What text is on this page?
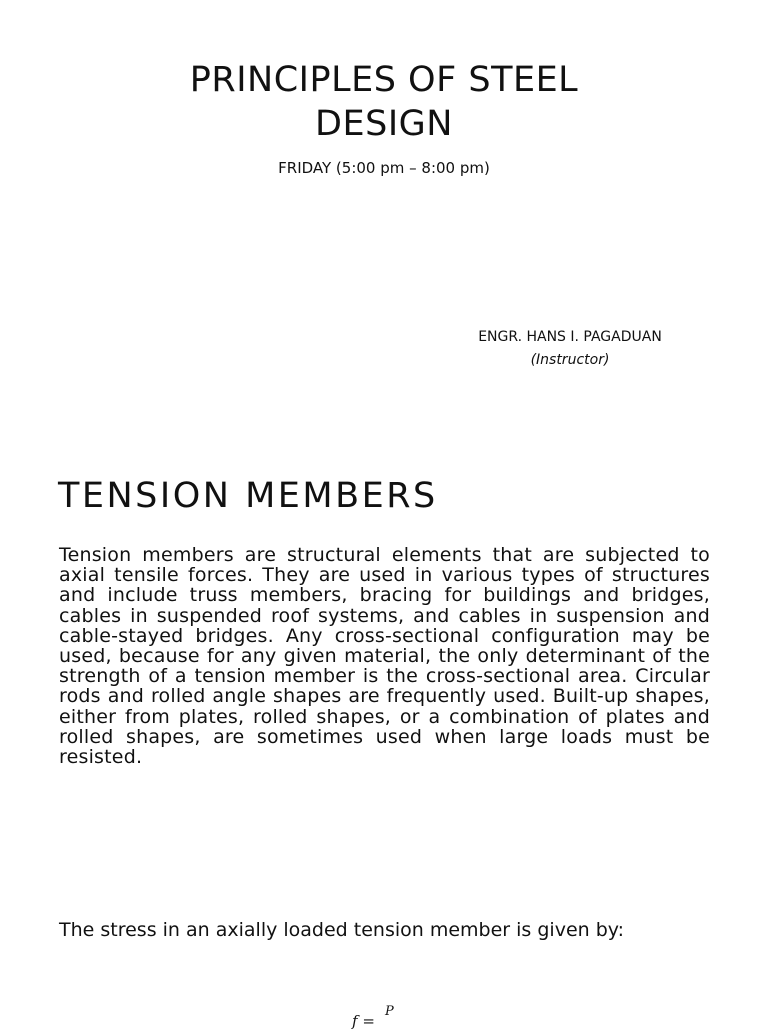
PRINCIPLES OF STEEL
DESIGN
FRIDAY (5:00 pm – 8:00 pm)
ENGR. HANS I. PAGADUAN
(Instructor)
TENSION MEMBERS
Tension members are structural elements that are subjected to axial tensile forces. They are used in various types of structures and include truss members, bracing for buildings and bridges, cables in suspended roof systems, and cables in suspension and cable-stayed bridges. Any cross-sectional configuration may be used, because for any given material, the only determinant of the strength of a tension member is the cross-sectional area. Circular rods and rolled angle shapes are frequently used. Built-up shapes, either from plates, rolled shapes, or a combination of plates and rolled shapes, are sometimes used when large loads must be resisted.
The stress in an axially loaded tension member is given by:
f =
P
